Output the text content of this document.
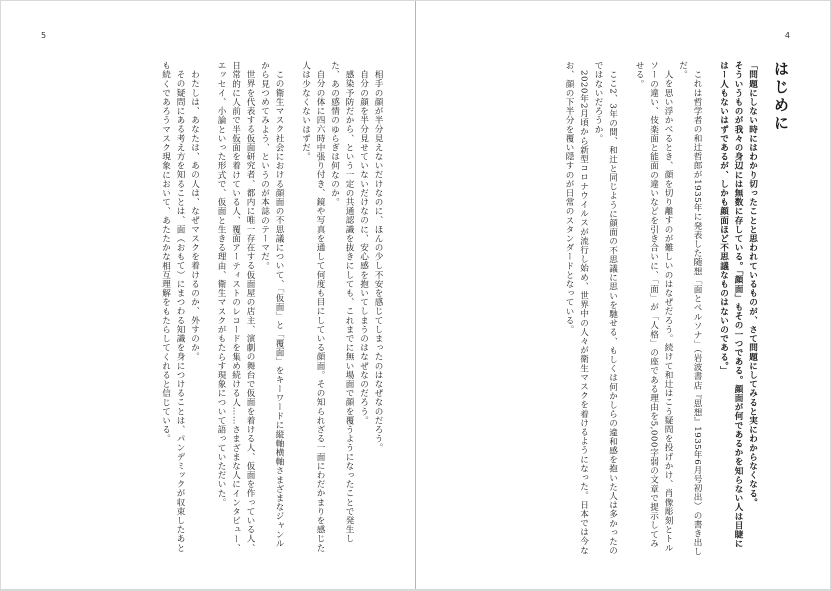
5

相手の顔が半分見えないだけなのに、ほんの少し不安を感じてしまったのはなぜなのだろう。

自分の顔を半分見せていないだけなのに、安心感を抱いてしまうのはなぜなのだろう。

感染予防だから、という一定の共通認識を抜きにしても、これまでに無い場面で顔を覆うようになったことで発生した、あの感情のゆらぎは何なのか。

自分の体に四六時中張り付き、鏡や写真を通して何度も目にしている顔面。その知られざる一面にわだかまりを感じた人は少なくないはずだ。

この衛生マスク社会における顔面の不思議について、「仮面」と「覆面」をキーワードに縦軸横軸さまざまなジャンルから見つめてみよう、というのが本誌のテーマだ。

世界を代表する仮面研究者、都内に唯一存在する仮面屋の店主、演劇の舞台で仮面を着ける人、仮面を作っている人、日常的に人前で半仮面を着けている人、覆面アーティストのレコードを集め続ける人……さまざまな人にインタビュー、エッセイ、小論といった形式で、仮面と生きる理由、衛生マスクがもたらす現象について語っていただいた。

わたしは、あなたは、あの人は、なぜマスクを着けるのか、外すのか。

その疑問にある考え方を知ることは、面（おもて）にまつわる知識を身につけることは、パンデミックが収束したあとも続くであろうマスク現象において、あたたかな相互理解をもたらしてくれると信じている。

4
はじめに

「問題にしない時にはわかり切ったことと思われているものが、さて問題にしてみると実にわからなくなる。

そういうものが我々の身辺には無数に存している。「顔面」もその一つである。顔面が何であるかを知らない人は目睫にはー人もないはずであるが、しかも顔面ほど不思議なものはないのである。」

これは哲学者の和辻哲郎が1935年に発表した随想「面とペルソナ」（岩波書店『思想』1935年6月号初出）の書き出しだ。

人を思い浮かべるとき、顔を切り離すのが難しいのはなぜだろう。続けて和辻はこう疑問を投げかけ、肖像彫刻とトルソーの違い、伎楽面と能面の違いなどを引き合いに、「面」が「人格」の座である理由を5,000字弱の文章で提示してみせる。

ここ2、3年の間、和辻と同じように顔面の不思議に思いを馳せる、もしくは何かしらの違和感を抱いた人は多かったのではないだろうか。

2020年2月頃から新型コロナウイルスが流行し始め、世界中の人々が衛生マスクを着けるようになった。日本では今なお、顔の下半分を覆い隠すのが日常のスタンダードとなっている。
